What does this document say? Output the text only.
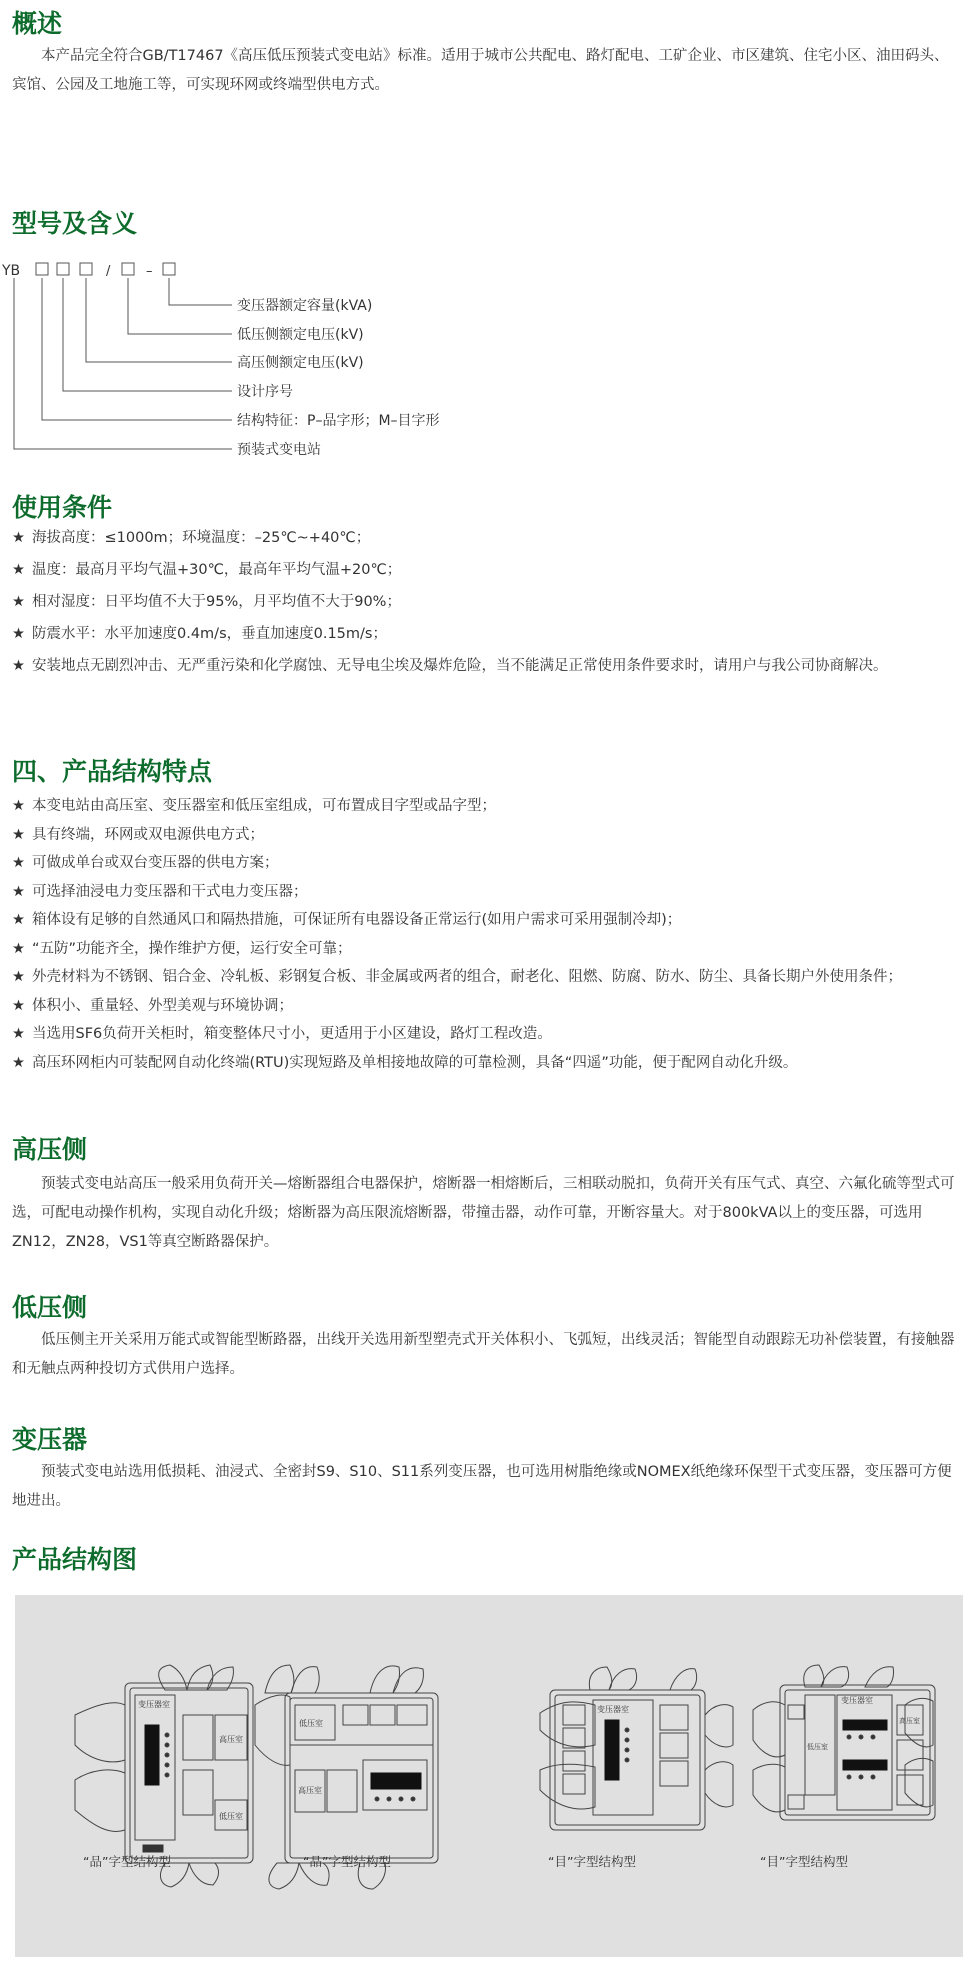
概述

　　本产品完全符合GB/T17467《高压低压预装式变电站》标准。适用于城市公共配电、路灯配电、工矿企业、市区建筑、住宅小区、油田码头、宾馆、公园及工地施工等，可实现环网或终端型供电方式。

型号及含义
YB	/	–
变压器额定容量(kVA)
低压侧额定电压(kV)
高压侧额定电压(kV)
设计序号
结构特征：P–品字形；M–目字形
预装式变电站
使用条件
★ 海拔高度：≤1000m；环境温度：–25℃~+40℃；
★ 温度：最高月平均气温+30℃，最高年平均气温+20℃；
★ 相对湿度：日平均值不大于95%，月平均值不大于90%；
★ 防震水平：水平加速度0.4m/s，垂直加速度0.15m/s；
★ 安装地点无剧烈冲击、无严重污染和化学腐蚀、无导电尘埃及爆炸危险，当不能满足正常使用条件要求时，请用户与我公司协商解决。
四、产品结构特点
★ 本变电站由高压室、变压器室和低压室组成，可布置成目字型或品字型；
★ 具有终端，环网或双电源供电方式；
★ 可做成单台或双台变压器的供电方案；
★ 可选择油浸电力变压器和干式电力变压器；
★ 箱体设有足够的自然通风口和隔热措施，可保证所有电器设备正常运行(如用户需求可采用强制冷却)；
★ “五防”功能齐全，操作维护方便，运行安全可靠；
★ 外壳材料为不锈钢、铝合金、冷轧板、彩钢复合板、非金属或两者的组合，耐老化、阻燃、防腐、防水、防尘、具备长期户外使用条件；
★ 体积小、重量轻、外型美观与环境协调；
★ 当选用SF6负荷开关柜时，箱变整体尺寸小，更适用于小区建设，路灯工程改造。
★ 高压环网柜内可装配网自动化终端(RTU)实现短路及单相接地故障的可靠检测，具备“四遥”功能，便于配网自动化升级。
高压侧

　　预装式变电站高压一般采用负荷开关—熔断器组合电器保护，熔断器一相熔断后，三相联动脱扣，负荷开关有压气式、真空、六氟化硫等型式可选，可配电动操作机构，实现自动化升级；熔断器为高压限流熔断器，带撞击器，动作可靠，开断容量大。对于800kVA以上的变压器，可选用ZN12，ZN28，VS1等真空断路器保护。

低压侧

　　低压侧主开关采用万能式或智能型断路器，出线开关选用新型塑壳式开关体积小、飞弧短，出线灵活；智能型自动跟踪无功补偿装置，有接触器和无触点两种投切方式供用户选择。

变压器

　　预装式变电站选用低损耗、油浸式、全密封S9、S10、S11系列变压器，也可选用树脂绝缘或NOMEX纸绝缘环保型干式变压器，变压器可方便地进出。

产品结构图
变压器室
高压室
低压室
低压室
高压室
变压器室
变压器室
低压室
高压室
“品”字型结构型	“品”字型结构型	“目”字型结构型	“目”字型结构型
